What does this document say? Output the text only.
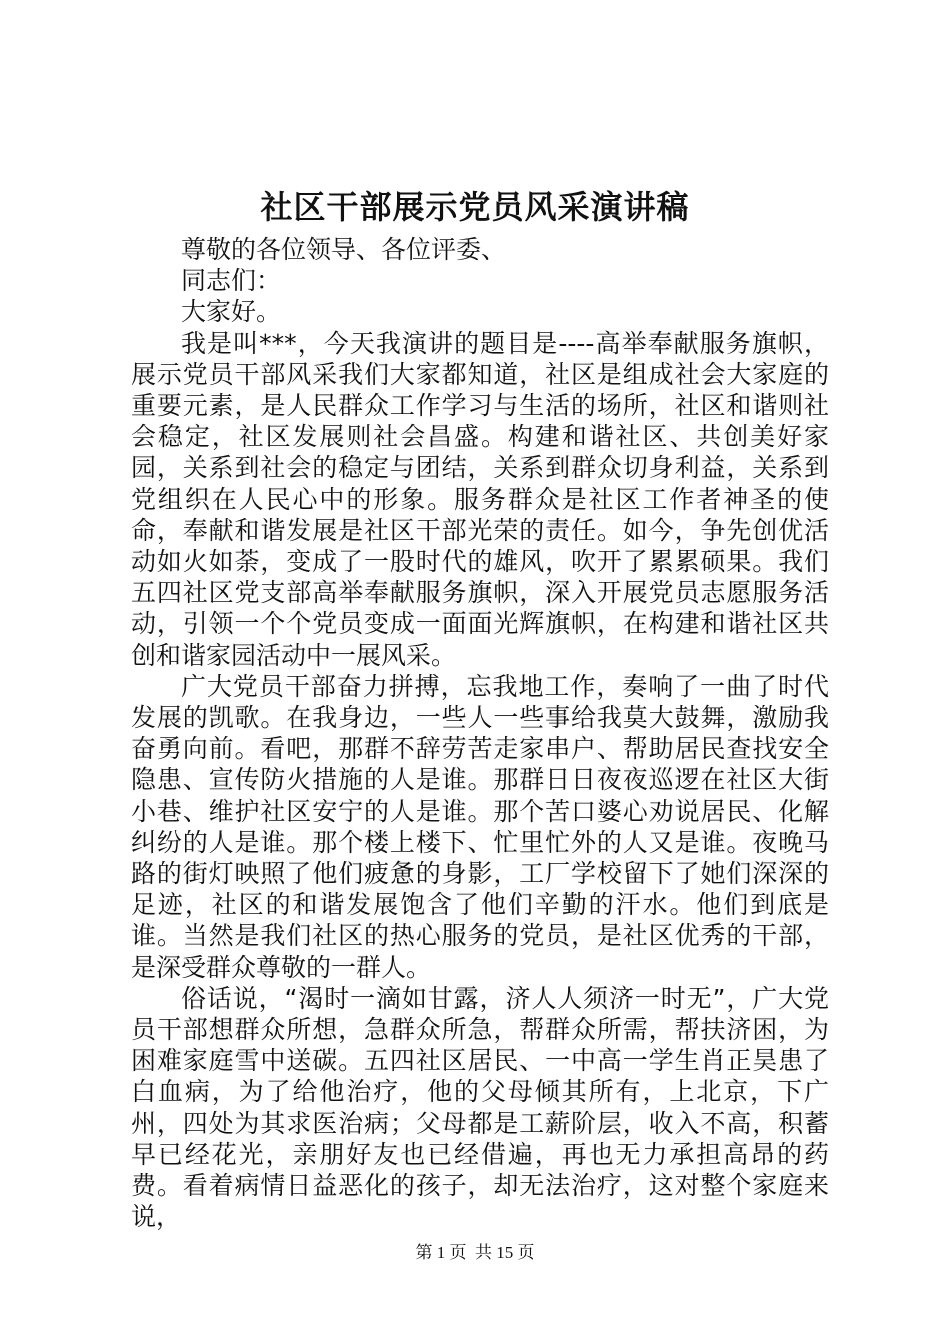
社区干部展示党员风采演讲稿

尊敬的各位领导、各位评委、

同志们：

大家好。

我是叫***，今天我演讲的题目是----高举奉献服务旗帜，展示党员干部风采我们大家都知道，社区是组成社会大家庭的重要元素，是人民群众工作学习与生活的场所，社区和谐则社会稳定，社区发展则社会昌盛。构建和谐社区、共创美好家园，关系到社会的稳定与团结，关系到群众切身利益，关系到党组织在人民心中的形象。服务群众是社区工作者神圣的使命，奉献和谐发展是社区干部光荣的责任。如今，争先创优活动如火如荼，变成了一股时代的雄风，吹开了累累硕果。我们五四社区党支部高举奉献服务旗帜，深入开展党员志愿服务活动，引领一个个党员变成一面面光辉旗帜，在构建和谐社区共创和谐家园活动中一展风采。

广大党员干部奋力拼搏，忘我地工作，奏响了一曲了时代发展的凯歌。在我身边，一些人一些事给我莫大鼓舞，激励我奋勇向前。看吧，那群不辞劳苦走家串户、帮助居民查找安全隐患、宣传防火措施的人是谁。那群日日夜夜巡逻在社区大街小巷、维护社区安宁的人是谁。那个苦口婆心劝说居民、化解纠纷的人是谁。那个楼上楼下、忙里忙外的人又是谁。夜晚马路的街灯映照了他们疲惫的身影，工厂学校留下了她们深深的足迹，社区的和谐发展饱含了他们辛勤的汗水。他们到底是谁。当然是我们社区的热心服务的党员，是社区优秀的干部，是深受群众尊敬的一群人。

俗话说，“渴时一滴如甘露，济人人须济一时无”，广大党员干部想群众所想，急群众所急，帮群众所需，帮扶济困，为困难家庭雪中送碳。五四社区居民、一中高一学生肖正昊患了白血病，为了给他治疗，他的父母倾其所有，上北京，下广州，四处为其求医治病；父母都是工薪阶层，收入不高，积蓄早已经花光，亲朋好友也已经借遍，再也无力承担高昂的药费。看着病情日益恶化的孩子，却无法治疗，这对整个家庭来说，

第 1 页  共 15 页
